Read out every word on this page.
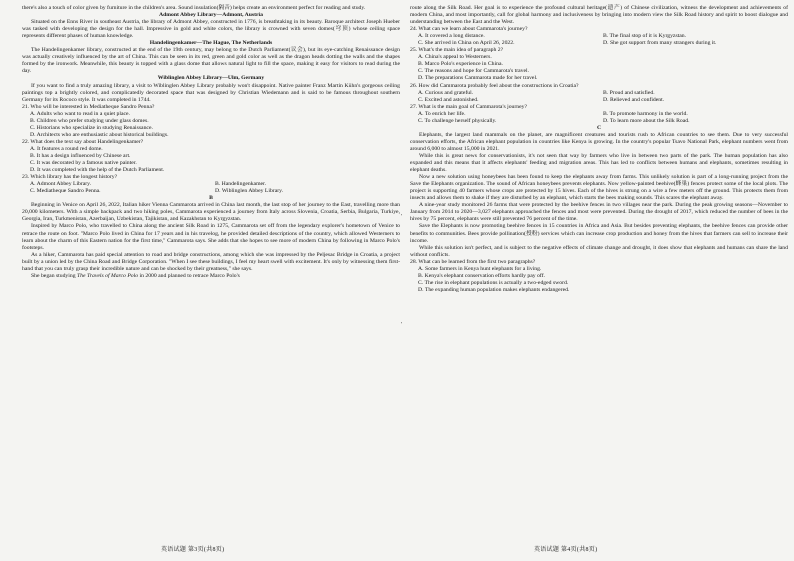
there's also a touch of color given by furniture in the children's area. Sound insulation(隔音) helps create an environment perfect for reading and study.

Admont Abbey Library—Admont, Austria

Situated on the Enns River in southeast Austria, the library of Admont Abbey, constructed in 1776, is breathtaking in its beauty. Baroque architect Joseph Hueber was tasked with developing the design for the hall. Impressive in gold and white colors, the library is crowned with seven domes(穹顶) whose ceiling space represents different phases of human knowledge.

Handelingenkamer—The Hague, The Netherlands

The Handelingenkamer library, constructed at the end of the 19th century, may belong to the Dutch Parliament(议会), but its eye-catching Renaissance design was actually creatively influenced by the art of China. This can be seen in its red, green and gold color as well as the dragon heads dotting the walls and the shapes formed by the ironwork. Meanwhile, this beauty is topped with a glass dome that allows natural light to fill the space, making it easy for visitors to read during the day.

Wiblinglen Abbey Library—Ulm, Germany

If you want to find a truly amazing library, a visit to Wiblinglen Abbey Library probably won't disappoint. Native painter Franz Martin Kühn's gorgeous ceiling paintings top a brightly colored, and complicatedly decorated space that was designed by Christian Wiedemann and is said to be famous throughout southern Germany for its Rococo style. It was completed in 1744.

21. Who will be interested in Mediatheque Sandro Penna?

A. Adults who want to read in a quiet place.

B. Children who prefer studying under glass domes.

C. Historians who specialize in studying Renaissance.

D. Architects who are enthusiastic about historical buildings.

22. What does the text say about Handelingenkamer?

A. It features a round red dome.

B. It has a design influenced by Chinese art.

C. It was decorated by a famous native painter.

D. It was completed with the help of the Dutch Parliament.

23. Which library has the longest history?

A. Admont Abbey Library.	B. Handelingenkamer.
C. Mediatheque Sandro Penna.	D. Wiblinglen Abbey Library.

B

Beginning in Venice on April 26, 2022, Italian hiker Vienna Cammarota arrived in China last month, the last stop of her journey to the East, travelling more than 20,000 kilometers. With a simple backpack and two hiking poles, Cammarota experienced a journey from Italy across Slovenia, Croatia, Serbia, Bulgaria, Turkiye, Georgia, Iran, Turkmenistan, Azerbaijan, Uzbekistan, Tajikistan, and Kazakhstan to Kyrgyzstan.

Inspired by Marco Polo, who travelled to China along the ancient Silk Road in 1275, Cammarota set off from the legendary explorer's hometown of Venice to retrace the route on foot. "Marco Polo lived in China for 17 years and in his travelog, he provided detailed descriptions of the country, which allowed Westerners to learn about the charm of this Eastern nation for the first time," Cammarota says. She adds that she hopes to see more of modern China by following in Marco Polo's footsteps.

As a hiker, Cammarota has paid special attention to road and bridge constructions, among which she was impressed by the Peljesac Bridge in Croatia, a project built by a union led by the China Road and Bridge Corporation. "When I see these buildings, I feel my heart swell with excitement. It's only by witnessing them first-hand that you can truly grasp their incredible nature and can be shocked by their greatness," she says.

She began studying The Travels of Marco Polo in 2000 and planned to retrace Marco Polo's

route along the Silk Road. Her goal is to experience the profound cultural heritage(遗产) of Chinese civilization, witness the development and achievements of modern China, and most importantly, call for global harmony and inclusiveness by bringing into modern view the Silk Road history and spirit to boost dialogue and understanding between the East and the West.

24. What can we learn about Cammarota's journey?

A. It covered a long distance.	B. The final stop of it is Kyrgyzstan.
C. She arrived in China on April 26, 2022.	D. She got support from many strangers during it.

25. What's the main idea of paragraph 2?

A. China's appeal to Westerners.

B. Marco Polo's experience in China.

C. The reasons and hope for Cammarota's travel.

D. The preparations Cammarota made for her travel.

26. How did Cammarota probably feel about the constructions in Croatia?

A. Curious and grateful.	B. Proud and satisfied.
C. Excited and astonished.	D. Relieved and confident.

27. What is the main goal of Cammarota's journey?

A. To enrich her life.	B. To promote harmony in the world.
C. To challenge herself physically.	D. To learn more about the Silk Road.

C

Elephants, the largest land mammals on the planet, are magnificent creatures and tourists rush to African countries to see them. Due to very successful conservation efforts, the African elephant population in countries like Kenya is growing. In the country's popular Tsavo National Park, elephant numbers went from around 6,000 to almost 15,000 in 2021.

While this is great news for conservationists, it's not seen that way by farmers who live in between two parts of the park. The human population has also expanded and this means that it affects elephants' feeding and migration areas. This has led to conflicts between humans and elephants, sometimes resulting in elephant deaths.

Now a new solution using honeybees has been found to keep the elephants away from farms. This unlikely solution is part of a long-running project from the Save the Elephants organization. The sound of African honeybees prevents elephants. Now yellow-painted beehive(蜂巢) fences protect some of the local plots. The project is supporting 40 farmers whose crops are protected by 15 hives. Each of the hives is strung on a wire a few meters off the ground. This protects them from insects and allows them to shake if they are disturbed by an elephant, which starts the bees making sounds. This scares the elephant away.

A nine-year study monitored 26 farms that were protected by the beehive fences in two villages near the park. During the peak growing seasons—November to January from 2014 to 2020—3,027 elephants approached the fences and most were prevented. During the drought of 2017, which reduced the number of bees in the hives by 75 percent, elephants were still prevented 76 percent of the time.

Save the Elephants is now promoting beehive fences in 15 countries in Africa and Asia. But besides preventing elephants, the beehive fences can provide other benefits to communities. Bees provide pollination(授粉) services which can increase crop production and honey from the hives that farmers can sell to increase their income.

While this solution isn't perfect, and is subject to the negative effects of climate change and drought, it does show that elephants and humans can share the land without conflicts.

28. What can be learned from the first two paragraphs?

A. Some farmers in Kenya hunt elephants for a living.

B. Kenya's elephant conservation efforts hardly pay off.

C. The rise in elephant populations is actually a two-edged sword.

D. The expanding human population makes elephants endangered.

英语试题 第3页(共8页)	英语试题 第4页(共8页)
'
'
